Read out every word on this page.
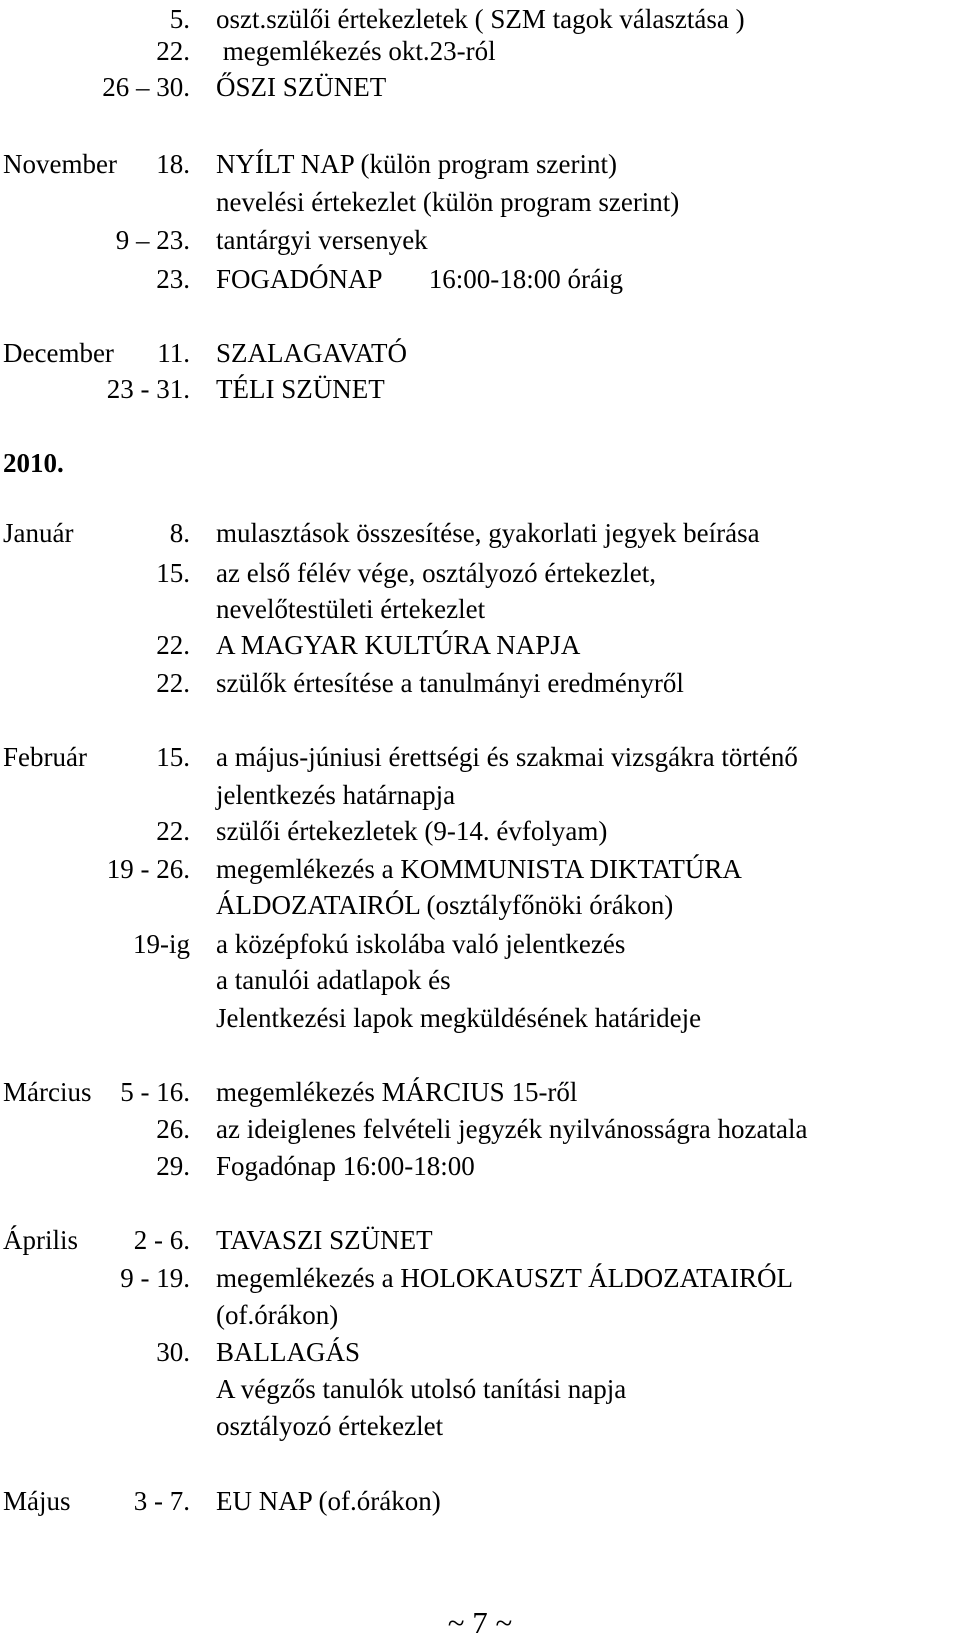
5. oszt.szülői értekezletek ( SZM tagok választása )
22. megemlékezés okt.23-ról
26 – 30. ŐSZI SZÜNET
November 18. NYÍLT NAP (külön program szerint)
nevelési értekezlet (külön program szerint)
9 – 23. tantárgyi versenyek
23. FOGADÓNAP       16:00-18:00 óráig
December 11. SZALAGAVATÓ
23 - 31. TÉLI SZÜNET
2010.
Január	8. mulasztások összesítése, gyakorlati jegyek beírása
15. az első félév vége, osztályozó értekezlet,
nevelőtestületi értekezlet
22. A MAGYAR KULTÚRA NAPJA
22. szülők értesítése a tanulmányi eredményről
Február	15. a május-júniusi érettségi és szakmai vizsgákra történő
jelentkezés határnapja
22. szülői értekezletek (9-14. évfolyam)
19 - 26. megemlékezés a KOMMUNISTA DIKTATÚRA
ÁLDOZATAIRÓL (osztályfőnöki órákon)
19-ig a középfokú iskolába való jelentkezés
a tanulói adatlapok és
Jelentkezési lapok megküldésének határideje
Március 5 - 16. megemlékezés MÁRCIUS 15-ről
26. az ideiglenes felvételi jegyzék nyilvánosságra hozatala
29. Fogadónap 16:00-18:00
Április 2 - 6. TAVASZI SZÜNET
9 - 19. megemlékezés a HOLOKAUSZT ÁLDOZATAIRÓL
(of.órákon)
30. BALLAGÁS
A végzős tanulók utolsó tanítási napja
osztályozó értekezlet
Május 3 - 7. EU NAP (of.órákon)
~ 7 ~
